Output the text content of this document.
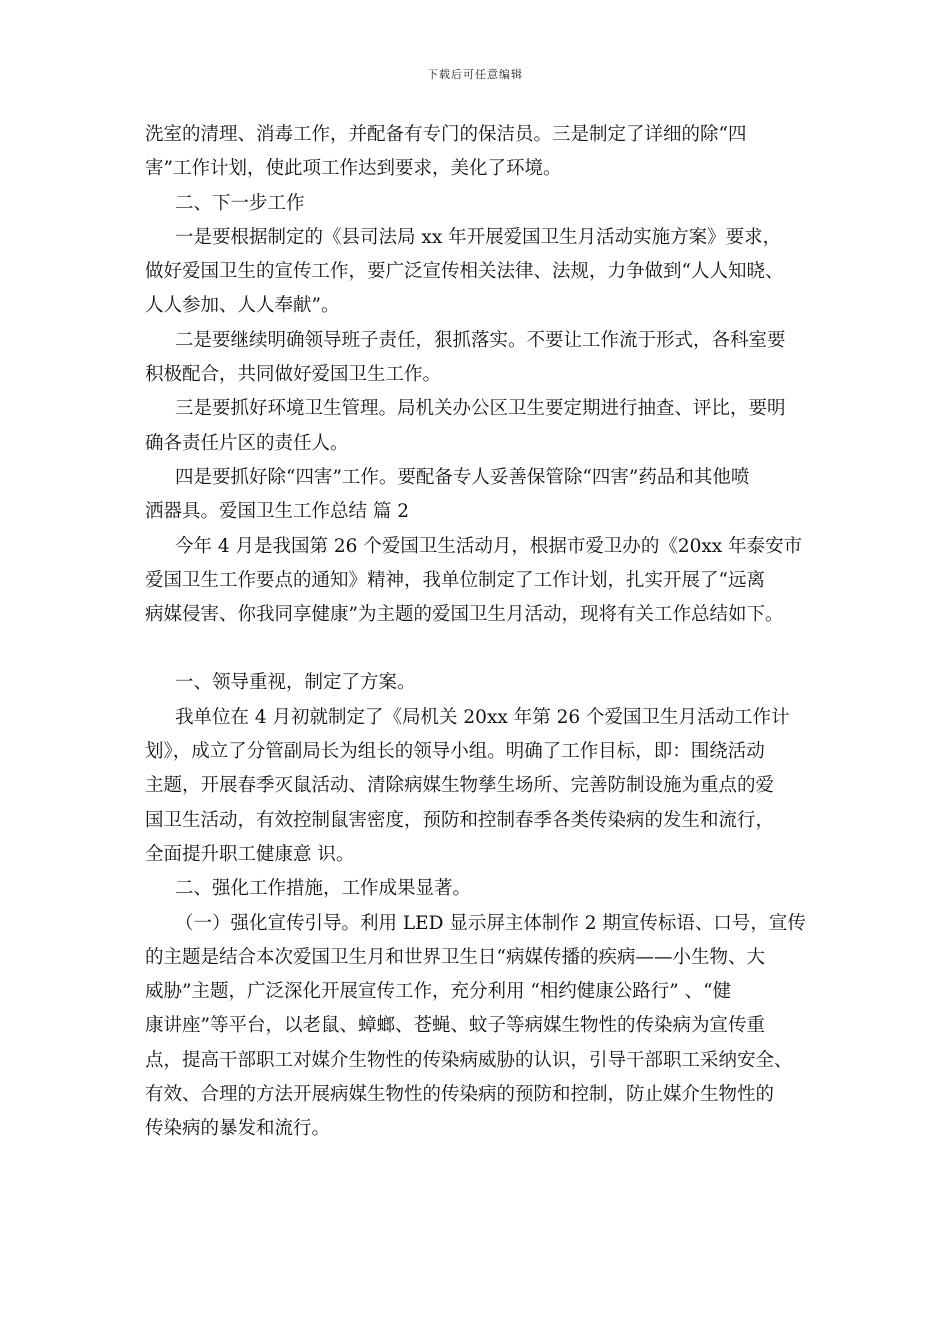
下载后可任意编辑
洗室的清理、消毒工作，并配备有专门的保洁员。三是制定了详细的除“四
害”工作计划，使此项工作达到要求，美化了环境。
二、下一步工作
一是要根据制定的《县司法局 xx 年开展爱国卫生月活动实施方案》要求，
做好爱国卫生的宣传工作，要广泛宣传相关法律、法规，力争做到“人人知晓、
人人参加、人人奉献”。
二是要继续明确领导班子责任，狠抓落实。不要让工作流于形式，各科室要
积极配合，共同做好爱国卫生工作。
三是要抓好环境卫生管理。局机关办公区卫生要定期进行抽查、评比，要明
确各责任片区的责任人。
四是要抓好除“四害”工作。要配备专人妥善保管除“四害”药品和其他喷
洒器具。爱国卫生工作总结 篇 2
今年 4 月是我国第 26 个爱国卫生活动月，根据市爱卫办的《20xx 年泰安市
爱国卫生工作要点的通知》精神，我单位制定了工作计划，扎实开展了“远离
病媒侵害、你我同享健康”为主题的爱国卫生月活动，现将有关工作总结如下。
一、领导重视，制定了方案。
我单位在 4 月初就制定了《局机关 20xx 年第 26 个爱国卫生月活动工作计
划》，成立了分管副局长为组长的领导小组。明确了工作目标，即：围绕活动
主题，开展春季灭鼠活动、清除病媒生物孳生场所、完善防制设施为重点的爱
国卫生活动，有效控制鼠害密度，预防和控制春季各类传染病的发生和流行，
全面提升职工健康意 识。
二、强化工作措施，工作成果显著。
（一）强化宣传引导。利用 LED 显示屏主体制作 2 期宣传标语、口号，宣传
的主题是结合本次爱国卫生月和世界卫生日“病媒传播的疾病——小生物、大
威胁”主题，广泛深化开展宣传工作，充分利用 “相约健康公路行” 、“健
康讲座”等平台，以老鼠、蟑螂、苍蝇、蚊子等病媒生物性的传染病为宣传重
点，提高干部职工对媒介生物性的传染病威胁的认识，引导干部职工采纳安全、
有效、合理的方法开展病媒生物性的传染病的预防和控制，防止媒介生物性的
传染病的暴发和流行。
